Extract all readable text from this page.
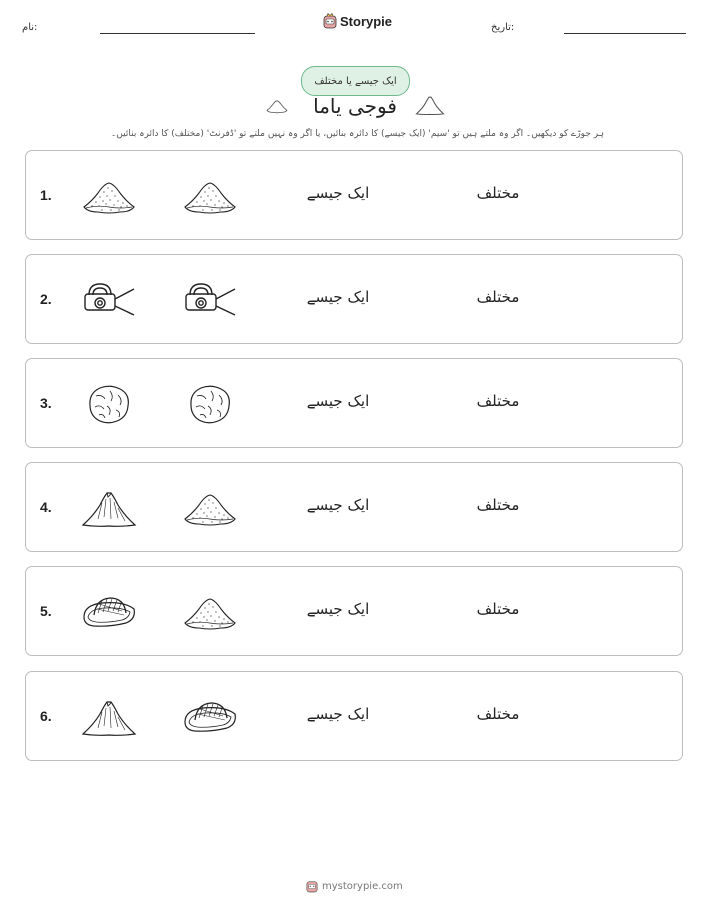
نام:	Storypie	تاریخ:
ایک جیسے یا مختلف
فوجی یاما
ہر جوڑے کو دیکھیں۔ اگر وہ ملتے ہیں تو 'سیم' (ایک جیسے) کا دائرہ بنائیں، یا اگر وہ نہیں ملتے تو 'ڈفرنٹ' (مختلف) کا دائرہ بنائیں۔
1.	ایک جیسے	مختلف
2.	ایک جیسے	مختلف
3.	ایک جیسے	مختلف
4.	ایک جیسے	مختلف
5.	ایک جیسے	مختلف
6.	ایک جیسے	مختلف
mystorypie.com
